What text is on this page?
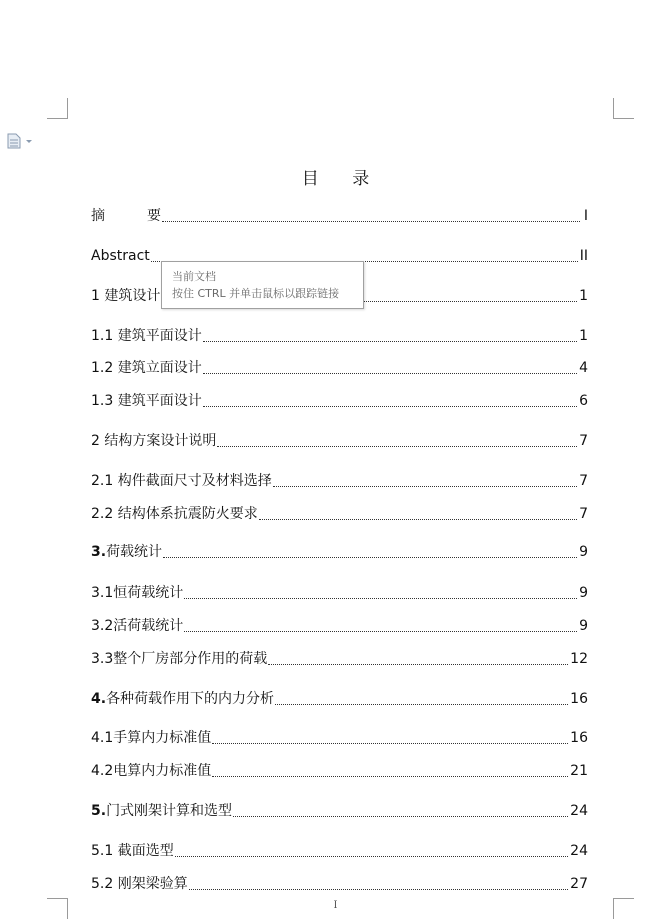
目 录
摘　　　要	I
Abstract	II
1 建筑设计	1
1.1 建筑平面设计	1
1.2 建筑立面设计	4
1.3 建筑平面设计	6
2 结构方案设计说明	7
2.1 构件截面尺寸及材料选择	7
2.2 结构体系抗震防火要求	7
3.荷载统计	9
3.1恒荷载统计	9
3.2活荷载统计	9
3.3整个厂房部分作用的荷载	12
4.各种荷载作用下的内力分析	16
4.1手算内力标准值	16
4.2电算内力标准值	21
5.门式刚架计算和选型	24
5.1 截面选型	24
5.2 刚架梁验算	27
当前文档
按住 CTRL 并单击鼠标以跟踪链接
I
